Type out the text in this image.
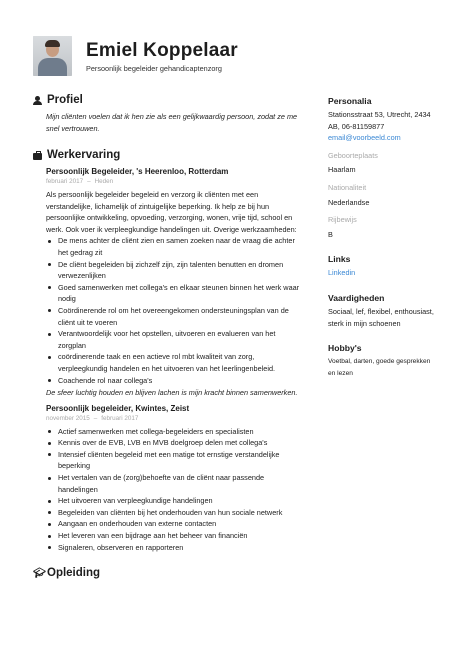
Emiel Koppelaar
Persoonlijk begeleider gehandicaptenzorg
Profiel
Mijn cliënten voelen dat ik hen zie als een gelijkwaardig persoon, zodat ze me snel vertrouwen.
Werkervaring
Persoonlijk Begeleider, 's Heerenloo, Rotterdam
februari 2017 – Heden
Als persoonlijk begeleider begeleid en verzorg ik cliënten met een verstandelijke, lichamelijk of zintuigelijke beperking. Ik help ze bij hun persoonlijke ontwikkeling, opvoeding, verzorging, wonen, vrije tijd, school en werk. Ook voer ik verpleegkundige handelingen uit. Overige werkzaamheden:
De mens achter de cliënt zien en samen zoeken naar de vraag die achter het gedrag zit
De cliënt begeleiden bij zichzelf zijn, zijn talenten benutten en dromen verwezenlijken
Goed samenwerken met collega's en elkaar steunen binnen het werk waar nodig
Coördinerende rol om het overeengekomen ondersteuningsplan van de cliënt uit te voeren
Verantwoordelijk voor het opstellen, uitvoeren en evalueren van het zorgplan
coördinerende taak en een actieve rol mbt kwaliteit van zorg, verpleegkundig handelen en het uitvoeren van het leerlingenbeleid.
Coachende rol naar collega's
De sfeer luchtig houden en blijven lachen is mijn kracht binnen samenwerken.
Persoonlijk begeleider, Kwintes, Zeist
november 2015 – februari 2017
Actief samenwerken met collega-begeleiders en specialisten
Kennis over de EVB, LVB en MVB doelgroep delen met collega's
Intensief cliënten begeleid met een matige tot ernstige verstandelijke beperking
Het vertalen van de (zorg)behoefte van de cliënt naar passende handelingen
Het uitvoeren van verpleegkundige handelingen
Begeleiden van cliënten bij het onderhouden van hun sociale netwerk
Aangaan en onderhouden van externe contacten
Het leveren van een bijdrage aan het beheer van financiën
Signaleren, observeren en rapporteren
🎓︎ Opleiding
Personalia
Stationsstraat 53, Utrecht, 2434
AB, 06-81159877
email@voorbeeld.com
Geboorteplaats
Haarlam
Nationaliteit
Nederlandse
Rijbewijs
B
Links
Linkedin
Vaardigheden
Sociaal, lef, flexibel, enthousiast,
sterk in mijn schoenen
Hobby's
Voetbal, darten, goede gesprekken
en lezen
